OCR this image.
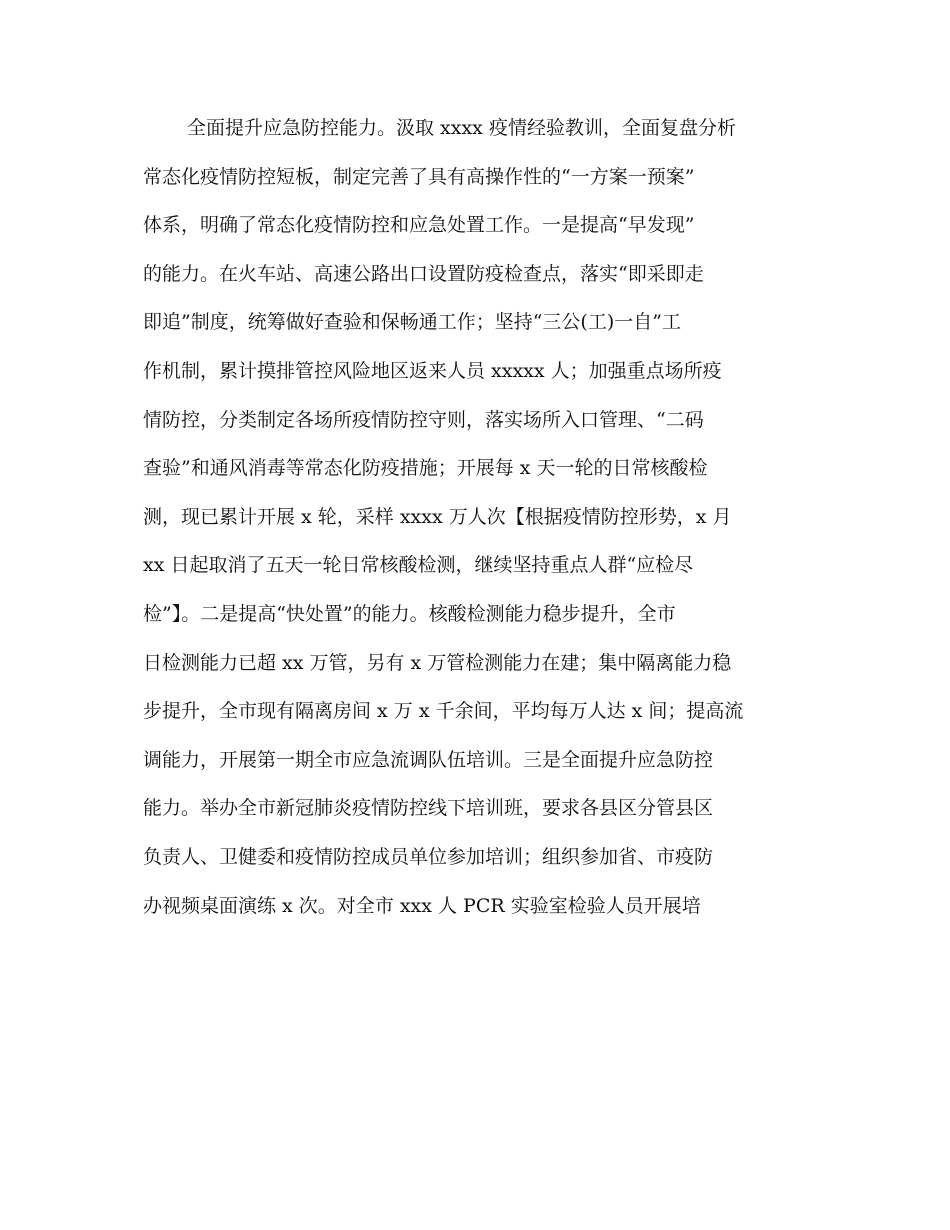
全面提升应急防控能力。汲取 xxxx 疫情经验教训，全面复盘分析
常态化疫情防控短板，制定完善了具有高操作性的“一方案一预案”
体系，明确了常态化疫情防控和应急处置工作。一是提高“早发现”
的能力。在火车站、高速公路出口设置防疫检查点，落实“即采即走
即追”制度，统筹做好查验和保畅通工作；坚持“三公(工)一自”工
作机制，累计摸排管控风险地区返来人员 xxxxx 人；加强重点场所疫
情防控，分类制定各场所疫情防控守则，落实场所入口管理、“二码
查验”和通风消毒等常态化防疫措施；开展每 x 天一轮的日常核酸检
测，现已累计开展 x 轮，采样 xxxx 万人次【根据疫情防控形势，x 月
xx 日起取消了五天一轮日常核酸检测，继续坚持重点人群“应检尽
检”】。二是提高“快处置”的能力。核酸检测能力稳步提升，全市
日检测能力已超 xx 万管，另有 x 万管检测能力在建；集中隔离能力稳
步提升，全市现有隔离房间 x 万 x 千余间，平均每万人达 x 间；提高流
调能力，开展第一期全市应急流调队伍培训。三是全面提升应急防控
能力。举办全市新冠肺炎疫情防控线下培训班，要求各县区分管县区
负责人、卫健委和疫情防控成员单位参加培训；组织参加省、市疫防
办视频桌面演练 x 次。对全市 xxx 人 PCR 实验室检验人员开展培
